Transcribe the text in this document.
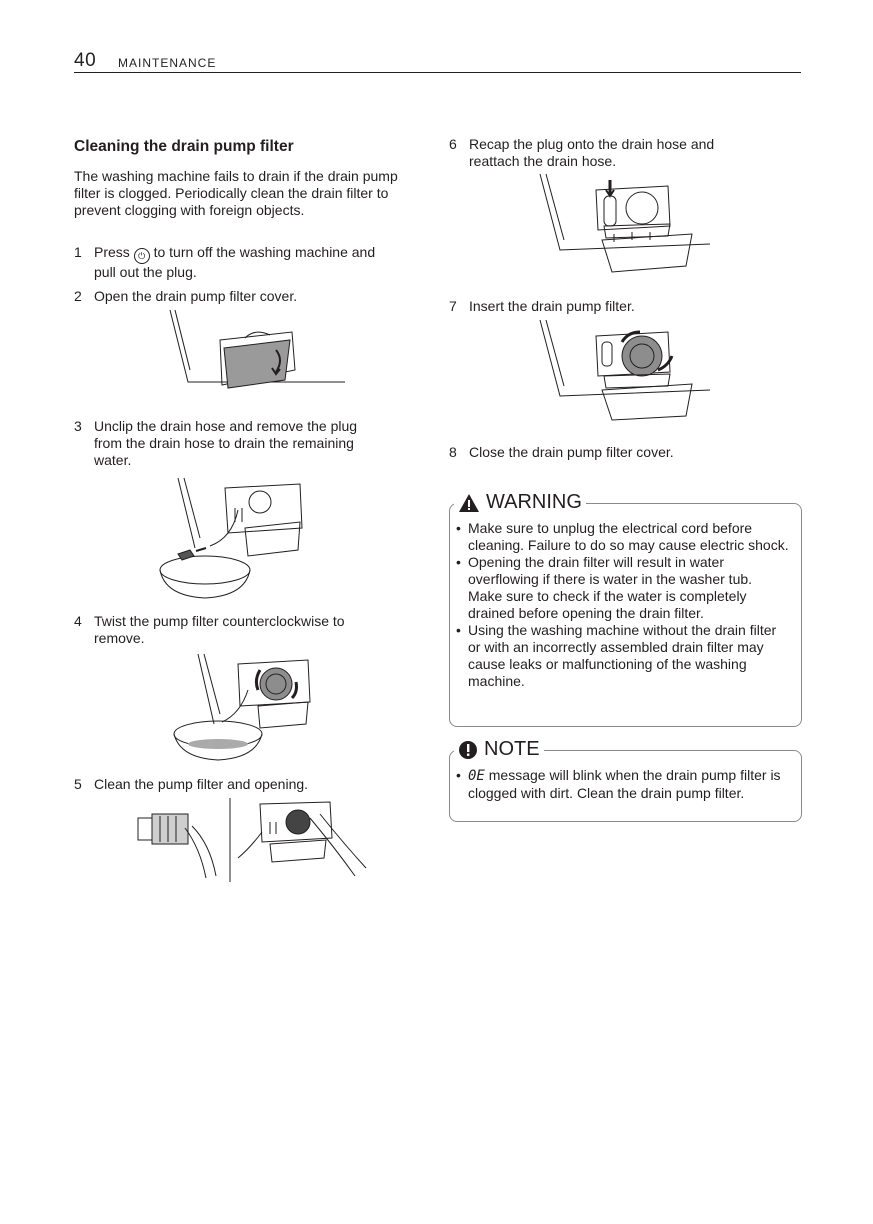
40 MAINTENANCE
Cleaning the drain pump filter
The washing machine fails to drain if the drain pump filter is clogged. Periodically clean the drain filter to prevent clogging with foreign objects.
1 Press ⏻ to turn off the washing machine and
pull out the plug.
2 Open the drain pump filter cover.
3 Unclip the drain hose and remove the plug
from the drain hose to drain the remaining
water.
4 Twist the pump filter counterclockwise to
remove.
5 Clean the pump filter and opening.
6 Recap the plug onto the drain hose and
reattach the drain hose.
7 Insert the drain pump filter.
8 Close the drain pump filter cover.
WARNING
• Make sure to unplug the electrical cord before cleaning. Failure to do so may cause electric shock.
• Opening the drain filter will result in water overflowing if there is water in the washer tub. Make sure to check if the water is completely drained before opening the drain filter.
• Using the washing machine without the drain filter or with an incorrectly assembled drain filter may cause leaks or malfunctioning of the washing machine.
NOTE
• 0E message will blink when the drain pump filter is clogged with dirt. Clean the drain pump filter.
